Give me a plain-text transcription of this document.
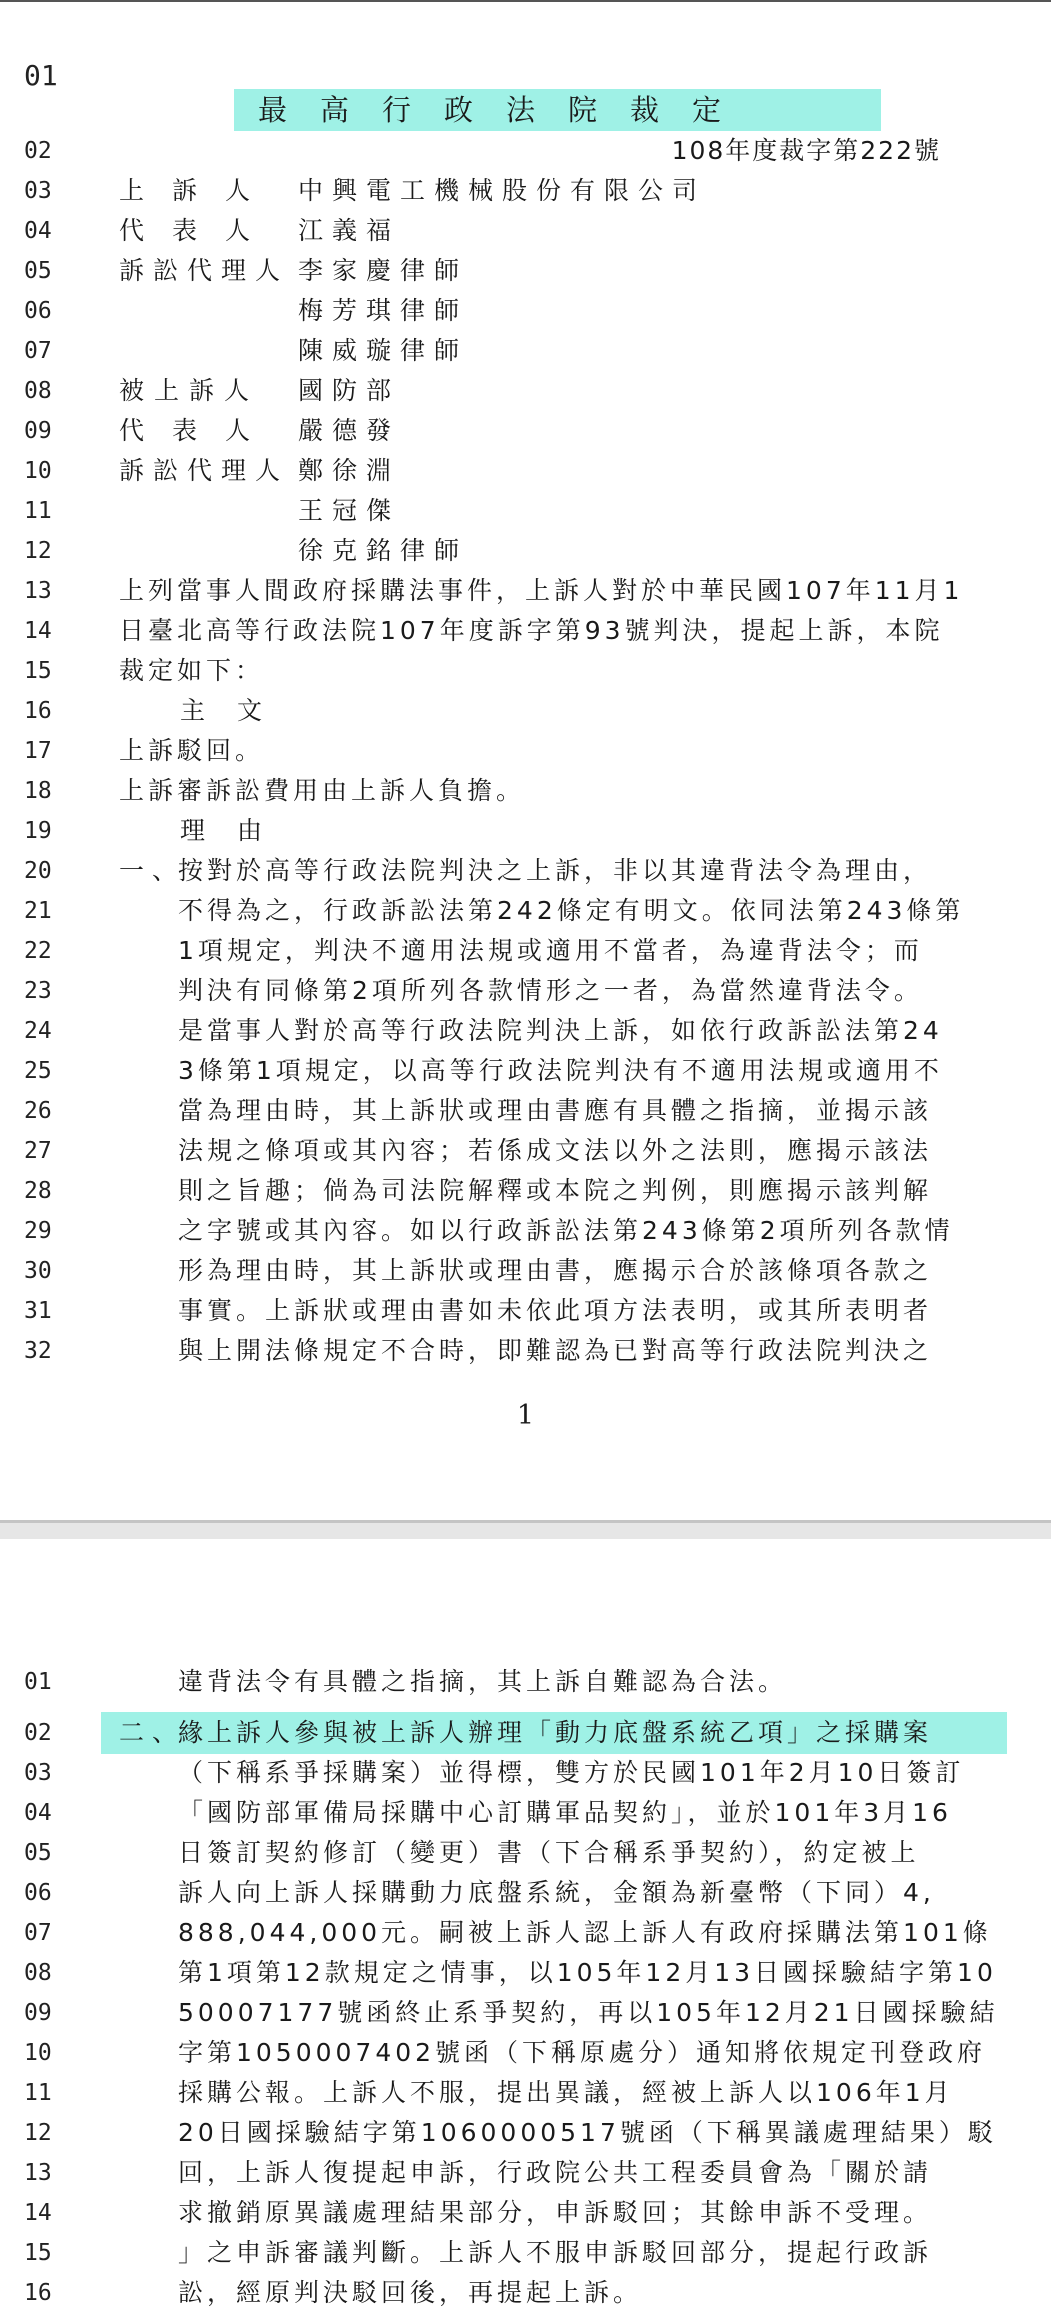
01
最高行政法院裁定
02	108年度裁字第222號
03	上訴人 中興電工機械股份有限公司
04	代表人 江義福
05	訴訟代理人 李家慶律師
06	梅芳琪律師
07	陳威璇律師
08	被上訴人 國防部
09	代表人 嚴德發
10	訴訟代理人 鄭徐淵
11	王冠傑
12	徐克銘律師
13	上列當事人間政府採購法事件，上訴人對於中華民國107年11月1
14	日臺北高等行政法院107年度訴字第93號判決，提起上訴，本院
15	裁定如下：
16	主文
17	上訴駁回。
18	上訴審訴訟費用由上訴人負擔。
19	理由
20	一、
按對於高等行政法院判決之上訴，非以其違背法令為理由，
21	不得為之，行政訴訟法第242條定有明文。依同法第243條第
22	1項規定，判決不適用法規或適用不當者，為違背法令；而
23	判決有同條第2項所列各款情形之一者，為當然違背法令。
24	是當事人對於高等行政法院判決上訴，如依行政訴訟法第24
25	3條第1項規定，以高等行政法院判決有不適用法規或適用不
26	當為理由時，其上訴狀或理由書應有具體之指摘，並揭示該
27	法規之條項或其內容；若係成文法以外之法則，應揭示該法
28	則之旨趣；倘為司法院解釋或本院之判例，則應揭示該判解
29	之字號或其內容。如以行政訴訟法第243條第2項所列各款情
30	形為理由時，其上訴狀或理由書，應揭示合於該條項各款之
31	事實。上訴狀或理由書如未依此項方法表明，或其所表明者
32	與上開法條規定不合時，即難認為已對高等行政法院判決之
1
01	違背法令有具體之指摘，其上訴自難認為合法。
02	二、
緣上訴人參與被上訴人辦理「動力底盤系統乙項」之採購案
03	（下稱系爭採購案）並得標，雙方於民國101年2月10日簽訂
04	「國防部軍備局採購中心訂購軍品契約」，並於101年3月16
05	日簽訂契約修訂（變更）書（下合稱系爭契約），約定被上
06	訴人向上訴人採購動力底盤系統，金額為新臺幣（下同）4,
07	888,044,000元。嗣被上訴人認上訴人有政府採購法第101條
08	第1項第12款規定之情事，以105年12月13日國採驗結字第10
09	50007177號函終止系爭契約，再以105年12月21日國採驗結
10	字第1050007402號函（下稱原處分）通知將依規定刊登政府
11	採購公報。上訴人不服，提出異議，經被上訴人以106年1月
12	20日國採驗結字第1060000517號函（下稱異議處理結果）駁
13	回，上訴人復提起申訴，行政院公共工程委員會為「關於請
14	求撤銷原異議處理結果部分，申訴駁回；其餘申訴不受理。
15	」之申訴審議判斷。上訴人不服申訴駁回部分，提起行政訴
16	訟，經原判決駁回後，再提起上訴。
